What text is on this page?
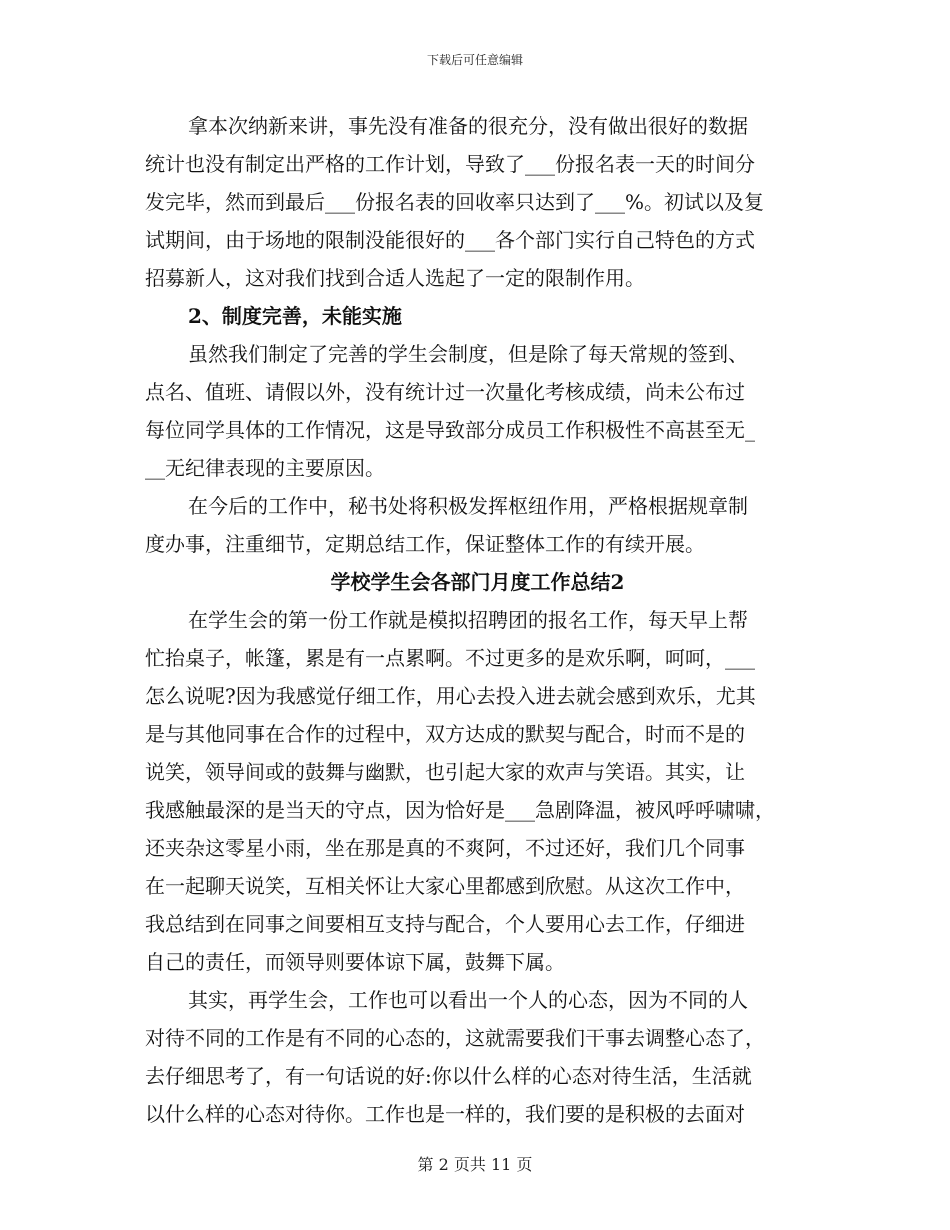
下载后可任意编辑
拿本次纳新来讲，事先没有准备的很充分，没有做出很好的数据
统计也没有制定出严格的工作计划，导致了___份报名表一天的时间分
发完毕，然而到最后___份报名表的回收率只达到了___%。初试以及复
试期间，由于场地的限制没能很好的___各个部门实行自己特色的方式
招募新人，这对我们找到合适人选起了一定的限制作用。
2、制度完善，未能实施
虽然我们制定了完善的学生会制度，但是除了每天常规的签到、
点名、值班、请假以外，没有统计过一次量化考核成绩，尚未公布过
每位同学具体的工作情况，这是导致部分成员工作积极性不高甚至无_
__无纪律表现的主要原因。
在今后的工作中，秘书处将积极发挥枢纽作用，严格根据规章制
度办事，注重细节，定期总结工作，保证整体工作的有续开展。
学校学生会各部门月度工作总结2
在学生会的第一份工作就是模拟招聘团的报名工作，每天早上帮
忙抬桌子，帐篷，累是有一点累啊。不过更多的是欢乐啊，呵呵，___
怎么说呢?因为我感觉仔细工作，用心去投入进去就会感到欢乐，尤其
是与其他同事在合作的过程中，双方达成的默契与配合，时而不是的
说笑，领导间或的鼓舞与幽默，也引起大家的欢声与笑语。其实，让
我感触最深的是当天的守点，因为恰好是___急剧降温，被风呼呼啸啸，
还夹杂这零星小雨，坐在那是真的不爽阿，不过还好，我们几个同事
在一起聊天说笑，互相关怀让大家心里都感到欣慰。从这次工作中，
我总结到在同事之间要相互支持与配合，个人要用心去工作，仔细进
自己的责任，而领导则要体谅下属，鼓舞下属。
其实，再学生会，工作也可以看出一个人的心态，因为不同的人
对待不同的工作是有不同的心态的，这就需要我们干事去调整心态了，
去仔细思考了，有一句话说的好:你以什么样的心态对待生活，生活就
以什么样的心态对待你。工作也是一样的，我们要的是积极的去面对
第 2 页共 11 页
